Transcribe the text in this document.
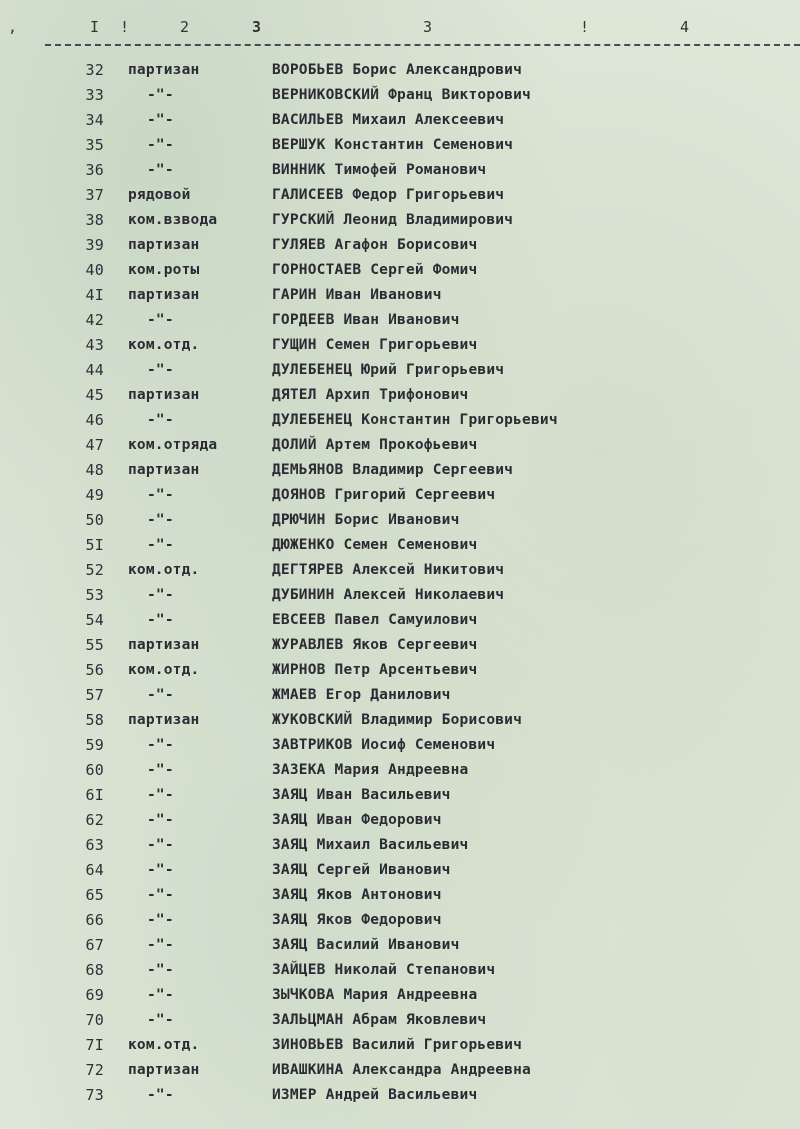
,	I !	2	3	3	!	4
32 партизан	ВОРОБЬЕВ Борис Александрович
33	-"-	ВЕРНИКОВСКИЙ Франц Викторович
34	-"-	ВАСИЛЬЕВ Михаил Алексеевич
35	-"-	ВЕРШУК Константин Семенович
36	-"-	ВИННИК Тимофей Романович
37 рядовой	ГАЛИСЕЕВ Федор Григорьевич
38 ком.взвода	ГУРСКИЙ Леонид Владимирович
39 партизан	ГУЛЯЕВ Агафон Борисович
40 ком.роты	ГОРНОСТАЕВ Сергей Фомич
4I партизан	ГАРИН Иван Иванович
42	-"-	ГОРДЕЕВ Иван Иванович
43 ком.отд.	ГУЩИН Семен Григорьевич
44	-"-	ДУЛЕБЕНЕЦ Юрий Григорьевич
45 партизан	ДЯТЕЛ Архип Трифонович
46	-"-	ДУЛЕБЕНЕЦ Константин Григорьевич
47 ком.отряда	ДОЛИЙ Артем Прокофьевич
48 партизан	ДЕМЬЯНОВ Владимир Сергеевич
49	-"-	ДОЯНОВ Григорий Сергеевич
50	-"-	ДРЮЧИН Борис Иванович
5I	-"-	ДЮЖЕНКО Семен Семенович
52 ком.отд.	ДЕГТЯРЕВ Алексей Никитович
53	-"-	ДУБИНИН Алексей Николаевич
54	-"-	ЕВСЕЕВ Павел Самуилович
55 партизан	ЖУРАВЛЕВ Яков Сергеевич
56 ком.отд.	ЖИРНОВ Петр Арсентьевич
57	-"-	ЖМАЕВ Егор Данилович
58 партизан	ЖУКОВСКИЙ Владимир Борисович
59	-"-	ЗАВТРИКОВ Иосиф Семенович
60	-"-	ЗАЗЕКА Мария Андреевна
6I	-"-	ЗАЯЦ Иван Васильевич
62	-"-	ЗАЯЦ Иван Федорович
63	-"-	ЗАЯЦ Михаил Васильевич
64	-"-	ЗАЯЦ Сергей Иванович
65	-"-	ЗАЯЦ Яков Антонович
66	-"-	ЗАЯЦ Яков Федорович
67	-"-	ЗАЯЦ Василий Иванович
68	-"-	ЗАЙЦЕВ Николай Степанович
69	-"-	ЗЫЧКОВА Мария Андреевна
70	-"-	ЗАЛЬЦМАН Абрам Яковлевич
7I ком.отд.	ЗИНОВЬЕВ Василий Григорьевич
72 партизан	ИВАШКИНА Александра Андреевна
73	-"-	ИЗМЕР Андрей Васильевич
